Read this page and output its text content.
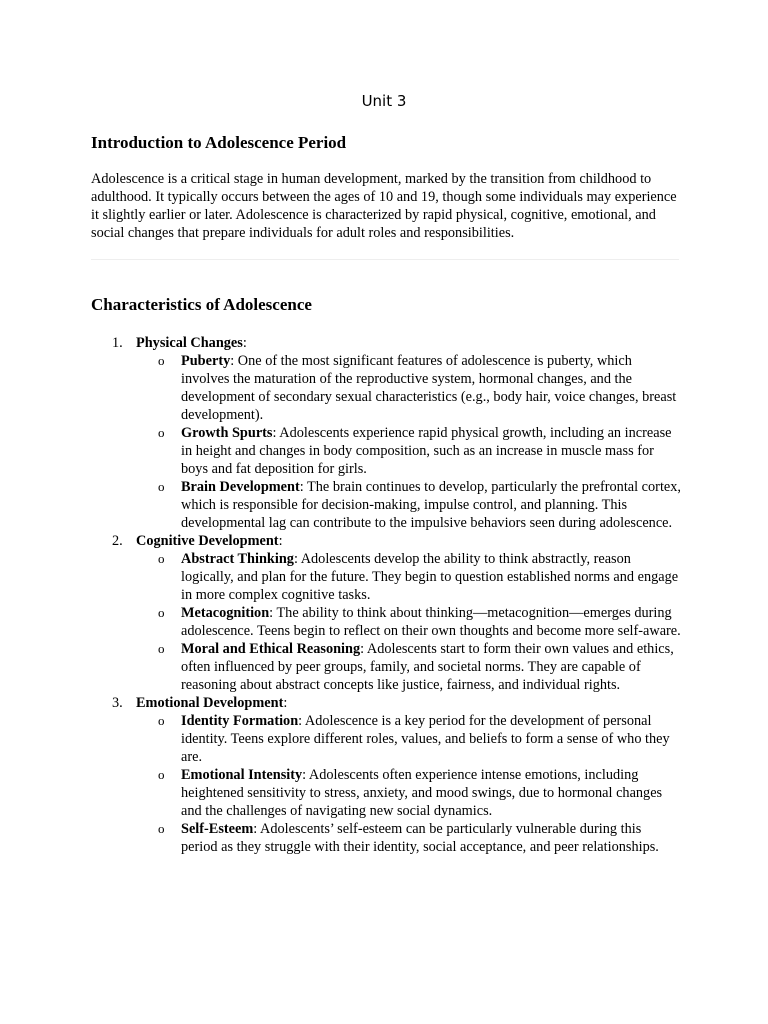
Unit 3
Introduction to Adolescence Period

Adolescence is a critical stage in human development, marked by the transition from childhood to adulthood. It typically occurs between the ages of 10 and 19, though some individuals may experience it slightly earlier or later. Adolescence is characterized by rapid physical, cognitive, emotional, and social changes that prepare individuals for adult roles and responsibilities.

Characteristics of Adolescence
1. Physical Changes:
o Puberty: One of the most significant features of adolescence is puberty, which involves the maturation of the reproductive system, hormonal changes, and the development of secondary sexual characteristics (e.g., body hair, voice changes, breast development).
o Growth Spurts: Adolescents experience rapid physical growth, including an increase in height and changes in body composition, such as an increase in muscle mass for boys and fat deposition for girls.
o Brain Development: The brain continues to develop, particularly the prefrontal cortex, which is responsible for decision-making, impulse control, and planning. This developmental lag can contribute to the impulsive behaviors seen during adolescence.
2. Cognitive Development:
o Abstract Thinking: Adolescents develop the ability to think abstractly, reason logically, and plan for the future. They begin to question established norms and engage in more complex cognitive tasks.
o Metacognition: The ability to think about thinking—metacognition—emerges during adolescence. Teens begin to reflect on their own thoughts and become more self-aware.
o Moral and Ethical Reasoning: Adolescents start to form their own values and ethics, often influenced by peer groups, family, and societal norms. They are capable of reasoning about abstract concepts like justice, fairness, and individual rights.
3. Emotional Development:
o Identity Formation: Adolescence is a key period for the development of personal identity. Teens explore different roles, values, and beliefs to form a sense of who they are.
o Emotional Intensity: Adolescents often experience intense emotions, including heightened sensitivity to stress, anxiety, and mood swings, due to hormonal changes and the challenges of navigating new social dynamics.
o Self-Esteem: Adolescents’ self-esteem can be particularly vulnerable during this period as they struggle with their identity, social acceptance, and peer relationships.
